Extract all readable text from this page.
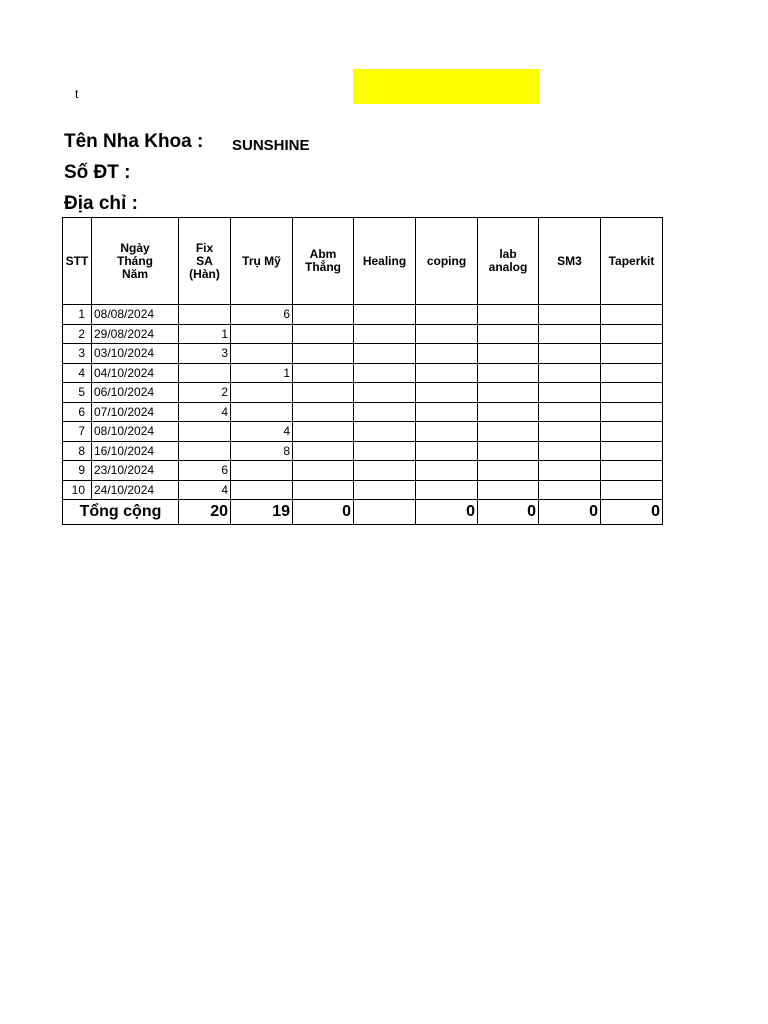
t
Tên Nha Khoa : SUNSHINE
Số ĐT :
Địa chỉ :
STT	Ngày Tháng Năm	Fix SA (Hàn)	Trụ Mỹ	Abm Thẳng	Healing	coping	lab analog	SM3	Taperkit
1	08/08/2024		6						
2	29/08/2024	1							
3	03/10/2024	3							
4	04/10/2024		1						
5	06/10/2024	2							
6	07/10/2024	4							
7	08/10/2024		4						
8	16/10/2024		8						
9	23/10/2024	6							
10	24/10/2024	4							
Tổng cộng		20	19	0		0	0	0	0
